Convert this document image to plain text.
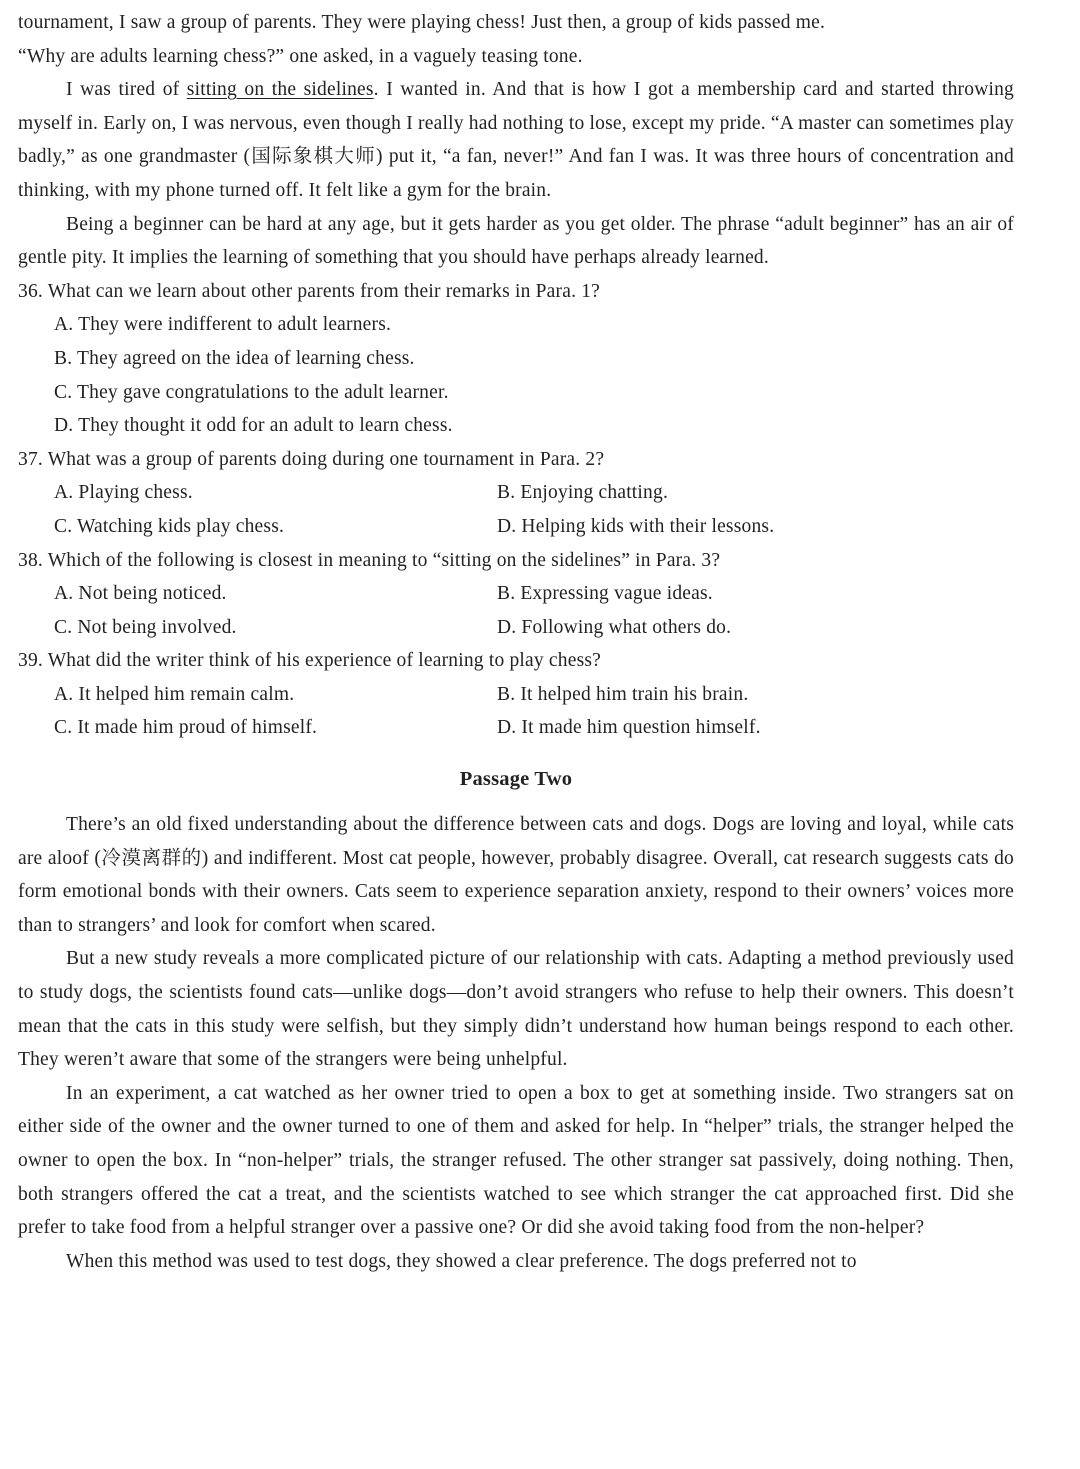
tournament, I saw a group of parents. They were playing chess! Just then, a group of kids passed me.
“Why are adults learning chess?” one asked, in a vaguely teasing tone.

I was tired of sitting on the sidelines. I wanted in. And that is how I got a membership card and started throwing myself in. Early on, I was nervous, even though I really had nothing to lose, except my pride. “A master can sometimes play badly,” as one grandmaster (国际象棋大师) put it, “a fan, never!” And fan I was. It was three hours of concentration and thinking, with my phone turned off. It felt like a gym for the brain.

Being a beginner can be hard at any age, but it gets harder as you get older. The phrase “adult beginner” has an air of gentle pity. It implies the learning of something that you should have perhaps already learned.

36. What can we learn about other parents from their remarks in Para. 1?

A. They were indifferent to adult learners.
B. They agreed on the idea of learning chess.
C. They gave congratulations to the adult learner.
D. They thought it odd for an adult to learn chess.

37. What was a group of parents doing during one tournament in Para. 2?

A. Playing chess.	B. Enjoying chatting.
C. Watching kids play chess.	D. Helping kids with their lessons.

38. Which of the following is closest in meaning to “sitting on the sidelines” in Para. 3?

A. Not being noticed.	B. Expressing vague ideas.
C. Not being involved.	D. Following what others do.

39. What did the writer think of his experience of learning to play chess?

A. It helped him remain calm.	B. It helped him train his brain.
C. It made him proud of himself.	D. It made him question himself.
Passage Two

There’s an old fixed understanding about the difference between cats and dogs. Dogs are loving and loyal, while cats are aloof (冷漠离群的) and indifferent. Most cat people, however, probably disagree. Overall, cat research suggests cats do form emotional bonds with their owners. Cats seem to experience separation anxiety, respond to their owners’ voices more than to strangers’ and look for comfort when scared.

But a new study reveals a more complicated picture of our relationship with cats. Adapting a method previously used to study dogs, the scientists found cats—unlike dogs—don’t avoid strangers who refuse to help their owners. This doesn’t mean that the cats in this study were selfish, but they simply didn’t understand how human beings respond to each other. They weren’t aware that some of the strangers were being unhelpful.

In an experiment, a cat watched as her owner tried to open a box to get at something inside. Two strangers sat on either side of the owner and the owner turned to one of them and asked for help. In “helper” trials, the stranger helped the owner to open the box. In “non-helper” trials, the stranger refused. The other stranger sat passively, doing nothing. Then, both strangers offered the cat a treat, and the scientists watched to see which stranger the cat approached first. Did she prefer to take food from a helpful stranger over a passive one? Or did she avoid taking food from the non-helper?

When this method was used to test dogs, they showed a clear preference. The dogs preferred not to
